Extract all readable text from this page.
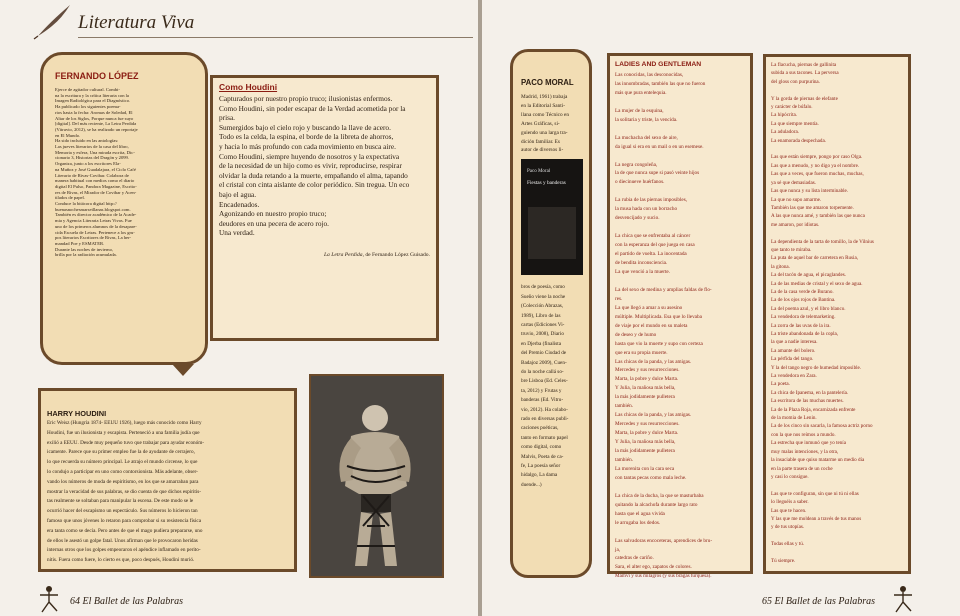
Literatura Viva
FERNANDO LÓPEZ
Ejerce de agitador cultural. Combi-
na la escritura y la crítica literaria con la
Imagen Radiológica para el Diagnóstico.
Ha publicado los siguientes poema-
rios hasta la fecha: Aromas de Soledad, El
Altar de los Siglos, Porque nunca fue suyo
[digital]. Del más reciente, La Letra Perdida
(Vitruvio, 2012), se ha realizado un reportaje
en El Mundo.
Ha sido incluido en las antologías:
Las jueves literarios de la casa del libro,
Memoria y esfera, Una mirada escrita, Dic-
cionario 3, Historias del Dragón y 2099.
Organiza, junto a los escritores Ela-
na Muñoz y José Guadalajara, el Ciclo Café
Literario de Rivas-Covibar. Colabora de
manera habitual con medios como el diario
digital El Pulso, Pandora Magazine, Escrito-
res de Rivas, el Mirador de Covibar y Acen-
tilados de papel.
Conduce la bitácora digital http://
buenasnochesmarseillanas.blogspot.com.
También es director académico de la Acade-
mia y Agencia Literaria Letras Vivas. Fue
uno de los primeros alumnos de la desapare-
cida Escuela de Letras. Pertenece a los gru-
pos literarios Escritores de Rivas, La her-
mandad Poe y ESMATER.
Durante las noches de invierno,
brilla por la radiación acumulada.
Como Houdini
Capturados por nuestro propio truco; ilusionistas enfermos.
Como Houdini, sin poder escapar de la Verdad acometida por la
prisa.
Sumergidos bajo el cielo rojo y buscando la llave de acero.
Todo es la celda, la espina, el borde de la libreta de ahorros,
y hacia lo más profundo con cada movimiento en busca aire.
Como Houdini, siempre huyendo de nosotros y la expectativa
de la necesidad de un hijo como es vivir, reproducirse, respirar
olvidar la duda retando a la muerte, empañando el alma, tapando
el cristal con cinta aislante de color periódico. Sin tregua. Un eco
bajo el agua.
Encadenados.
Agonizando en nuestro propio truco;
deudores en una pecera de acero rojo.
Una verdad.
La Letra Perdida, de Fernando López Guisado.
HARRY HOUDINI
Eric Weisz (Hungría 1874- EEUU 1926), luego más conocido como Harry
Houdini, fue un ilusionista y escapista. Perteneció a una familia judía que
exilió a EEUU. Desde muy pequeño tuvo que trabajar para ayudar económ-
icamente. Parece que su primer empleo fue la de ayudante de cerrajero,
lo que recuerda su número principal. Le atrajo el mundo circense, lo que
lo condujo a participar en uno como contorsionista. Más adelante, obser-
vando los números de moda de espiritismo, en los que se amarraban para
mostrar la veracidad de sus palabras, se dio cuenta de que dichos espiritis-
tas realmente se soltaban para manipular la escena. De este modo se le
ocurrió hacer del escapismo un espectáculo. Sus números lo hicieron tan
famoso que unos jóvenes lo retaron para comprobar si su resistencia física
era tanta como se decía. Pero antes de que el mago pudiera prepararse, uno
de ellos le asestó un golpe fatal. Unos afirman que le provocaron heridas
internas otros que los golpes empeoraron el apéndice inflamado en perito-
nitis. Fuera como fuere, lo cierto es que, poco después, Houdini murió.
64 El Ballet de las Palabras
PACO MORAL
Madrid, 1961) trabaja
en la Editorial Santi-
llana como Técnico en
Artes Gráficas, si-
guiendo una larga tra-
dición familiar. Es
autor de diversos li-
Paco Moral
Fiestas y banderas
bros de poesía, como
Sueño viene la noche
(Colección Abrazas,
1989), Libro de las
cartas (Ediciones Vi-
truvio, 2008), Diario
en Djerba (finalista
del Premio Ciudad de
Badajoz 2009), Cuen-
do la noche callá so-
bre Lisboa (Ed. Celes-
ta, 2012) y Frutas y
banderas (Ed. Vitru-
vio, 2012). Ha colabo-
rado en diversas publi-
caciones poéticas,
tanto en formato papel
como digital, como
Malvis, Poeta de ca-
fe, La poesía señor
hidalgo, La dama
duende...)
LADIES AND GENTLEMAN
Las conocidas, las desconocidas,
las innombradas, también las que no fueron
más que pura entelequia.

La mujer de la esquina,
la solitaria y triste, la vencida.

La muchacha del sexo de aire,
da igual si era en un mail o en un esemese.

La negra congoleña,
la de que nunca supe si pasó veinte hijos
o diecinueve huérfanos.

La rubia de las piernas imposibles,
la musa hada con un borracho
desvencijado y sucio.

La chica que se enfrentaba al cáncer
con la esperanza del que juega en casa
el partido de vuelta. La inocentada
de bendita inconsciencia.
La que venció a la muerte.

La del sexo de medina y amplias faldas de flo-
res.
La que llegó a amar a su asesino
múltiple. Multiplicada. Esa que lo llevaba
de viaje por el mundo en su maleta
de deseo y de humo
hasta que vio la muerte y supo con certeza
que era su propia muerte.
Las chicas de la panda, y las amigas.
Mercedes y sus resurrecciones.
Marta, la pobre y dulce Marta.
Y Julia, la mañosa más bella,
la más jodidamente pulletera
también.
Las chicas de la panda, y las amigas.
Mercedes y sus resurrecciones.
Marta, la pobre y dulce Marta.
Y Julia, la mañosa más bella,
la más jodidamente pulletera
también.
La morenita con la cara seca
con tantas pecas como mala leche.

La chica de la ducha, la que se masturbaba
quitando la alcachofa durante largo rato
hasta que el agua vivida
le arrugaba los dedos.

Las salvadoras encoceteras, aprendices de bru-
ja,
catedras de cariño.
Sara, el alter ego, zapatos de colores.
Mamví y sus milagros (y sus bragas turquesa).
La flacucha, piernas de gallinita
subida a sus tacones. La perversa
del gloss con purpurina.

Y la gorda de piernas de elefante
y carácter de búfalo.
La hipócrita.
La que siempre mentía.
La aduladora.
La enamorada despechada.

Las que están siempre, pongo por caso Olga.
Las que a menudo, y no digo ya el nombre.
Las que a veces, que fueron muchas, muchas,
ya sé que demasiadas.
Las que nunca y su lista interminable.
La que no supo amarme.
También las que me amaron torpemente.
A las que nunca amé, y también las que nunca
me amaron, por idiotas.

La dependienta de la tarta de tomillo, la de Vilnius
que tanto te miraba.
La puta de aquel bar de carretera en Rusia,
la gitona.
La del tacón de agua, el picaglandes.
La de las medias de cristal y el sexo de agua.
La de la casa verde de Burano.
La de los ojos rojos de Bantina.
La del poema azul, y el libro blanco.
La vendedora de telemarketing.
La zorra de las uvas de la ira.
La triste abandonada de la copla,
la que a nadie interesa.
La amante del bolero.
La pérfida del tango.
Y la del tango negro de humedad imposible.
La vendedora en Zara.
La poeta.
La chica de Ipanema, en la pantelería.
La escritora de las muchas muertes.
La de la Plaza Roja, encarnizada enfrente
de la momia de Lenin.
La de los cinco sin sacarla, la famosa actriz porno
con la que nos reímos a mundo.
La estrecha que inmunó que yo tenía
muy malas intenciones, y la otra,
la insaciable que quiso matarme un medio día
en la parte trasera de un coche
y casi lo consigue.

Las que te configuran, sin que ni tú ni ellas
lo lleguéis a saber.
Las que te hacen.
Y las que me moldean a través de tus manos
y de tus utopías.

Todas ellas y tú.

Tú siempre.
65 El Ballet de las Palabras
